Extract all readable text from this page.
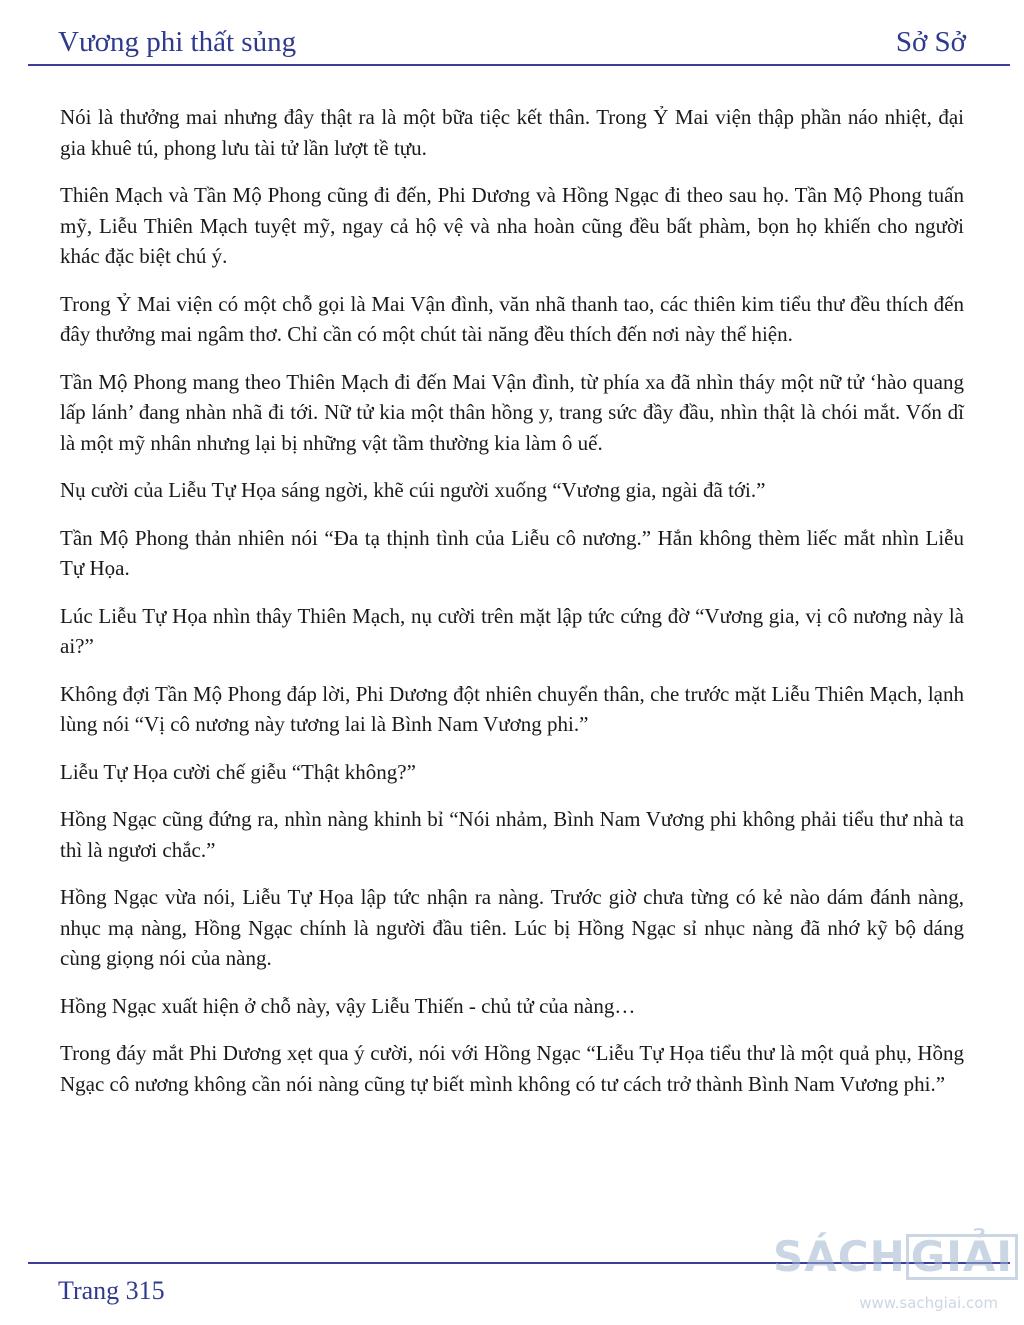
Vương phi thất sủng	Sở Sở

Nói là thưởng mai nhưng đây thật ra là một bữa tiệc kết thân. Trong Ỷ Mai viện thập phần náo nhiệt, đại gia khuê tú, phong lưu tài tử lần lượt tề tựu.

Thiên Mạch và Tần Mộ Phong cũng đi đến, Phi Dương và Hồng Ngạc đi theo sau họ. Tần Mộ Phong tuấn mỹ, Liễu Thiên Mạch tuyệt mỹ, ngay cả hộ vệ và nha hoàn cũng đều bất phàm, bọn họ khiến cho người khác đặc biệt chú ý.

Trong Ỷ Mai viện có một chỗ gọi là Mai Vận đình, văn nhã thanh tao, các thiên kim tiểu thư đều thích đến đây thưởng mai ngâm thơ. Chỉ cần có một chút tài năng đều thích đến nơi này thể hiện.

Tần Mộ Phong mang theo Thiên Mạch đi đến Mai Vận đình, từ phía xa đã nhìn tháy một nữ tử ‘hào quang lấp lánh’ đang nhàn nhã đi tới. Nữ tử kia một thân hồng y, trang sức đầy đầu, nhìn thật là chói mắt. Vốn dĩ là một mỹ nhân nhưng lại bị những vật tầm thường kia làm ô uế.

Nụ cười của Liễu Tự Họa sáng ngời, khẽ cúi người xuống “Vương gia, ngài đã tới.”

Tần Mộ Phong thản nhiên nói “Đa tạ thịnh tình của Liễu cô nương.” Hắn không thèm liếc mắt nhìn Liễu Tự Họa.

Lúc Liễu Tự Họa nhìn thây Thiên Mạch, nụ cười trên mặt lập tức cứng đờ “Vương gia, vị cô nương này là ai?”

Không đợi Tần Mộ Phong đáp lời, Phi Dương đột nhiên chuyển thân, che trước mặt Liễu Thiên Mạch, lạnh lùng nói “Vị cô nương này tương lai là Bình Nam Vương phi.”

Liễu Tự Họa cười chế giễu “Thật không?”

Hồng Ngạc cũng đứng ra, nhìn nàng khinh bỉ “Nói nhảm, Bình Nam Vương phi không phải tiểu thư nhà ta thì là ngươi chắc.”

Hồng Ngạc vừa nói, Liễu Tự Họa lập tức nhận ra nàng. Trước giờ chưa từng có kẻ nào dám đánh nàng, nhục mạ nàng, Hồng Ngạc chính là người đầu tiên. Lúc bị Hồng Ngạc sỉ nhục nàng đã nhớ kỹ bộ dáng cùng giọng nói của nàng.

Hồng Ngạc xuất hiện ở chỗ này, vậy Liễu Thiến - chủ tử của nàng…

Trong đáy mắt Phi Dương xẹt qua ý cười, nói với Hồng Ngạc “Liễu Tự Họa tiểu thư là một quả phụ, Hồng Ngạc cô nương không cần nói nàng cũng tự biết mình không có tư cách trở thành Bình Nam Vương phi.”

Trang 315
SÁCH GIẢI
www.sachgiai.com
